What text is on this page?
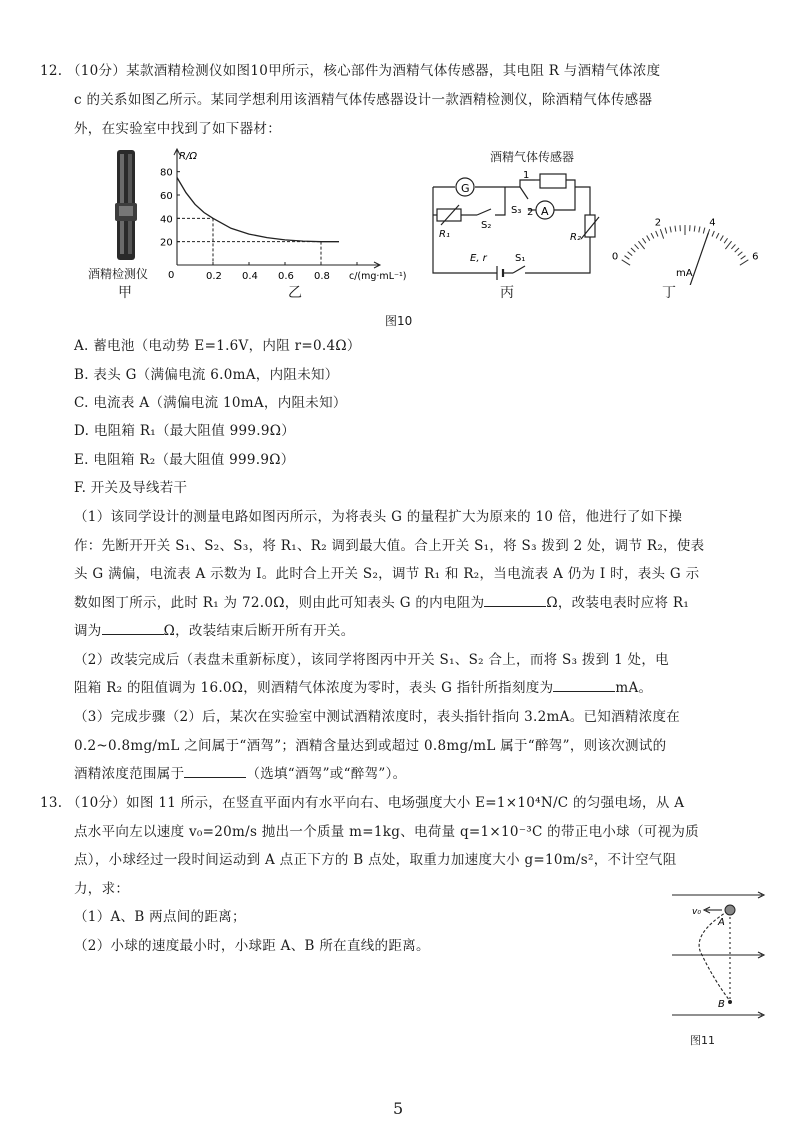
12. （10分）某款酒精检测仪如图10甲所示，核心部件为酒精气体传感器，其电阻 R 与酒精气体浓度
c 的关系如图乙所示。某同学想利用该酒精气体传感器设计一款酒精检测仪，除酒精气体传感器
外，在实验室中找到了如下器材：
酒精检测仪
甲
R/Ω
c/(mg·mL⁻¹)
0	0.2 0.4 0.6 0.8
20
40
60
80
乙
G
A
R₁	R₂
S₂
S₃
1
2
E, r	S₁
酒精气体传感器
丙
0
2	4
6
mA
丁
图10
A. 蓄电池（电动势 E=1.6V，内阻 r=0.4Ω）
B. 表头 G（满偏电流 6.0mA，内阻未知）
C. 电流表 A（满偏电流 10mA，内阻未知）
D. 电阻箱 R₁（最大阻值 999.9Ω）
E. 电阻箱 R₂（最大阻值 999.9Ω）
F. 开关及导线若干
（1）该同学设计的测量电路如图丙所示，为将表头 G 的量程扩大为原来的 10 倍，他进行了如下操
作：先断开开关 S₁、S₂、S₃，将 R₁、R₂ 调到最大值。合上开关 S₁，将 S₃ 拨到 2 处，调节 R₂，使表
头 G 满偏，电流表 A 示数为 I。此时合上开关 S₂，调节 R₁ 和 R₂，当电流表 A 仍为 I 时，表头 G 示
数如图丁所示，此时 R₁ 为 72.0Ω，则由此可知表头 G 的内电阻为	Ω，改装电表时应将 R₁
调为	Ω，改装结束后断开所有开关。
（2）改装完成后（表盘未重新标度），该同学将图丙中开关 S₁、S₂ 合上，而将 S₃ 拨到 1 处，电
阻箱 R₂ 的阻值调为 16.0Ω，则酒精气体浓度为零时，表头 G 指针所指刻度为	mA。
（3）完成步骤（2）后，某次在实验室中测试酒精浓度时，表头指针指向 3.2mA。已知酒精浓度在
0.2~0.8mg/mL 之间属于“酒驾”；酒精含量达到或超过 0.8mg/mL 属于“醉驾”，则该次测试的
酒精浓度范围属于	（选填“酒驾”或“醉驾”）。
13. （10分）如图 11 所示，在竖直平面内有水平向右、电场强度大小 E=1×10⁴N/C 的匀强电场，从 A
点水平向左以速度 v₀=20m/s 抛出一个质量 m=1kg、电荷量 q=1×10⁻³C 的带正电小球（可视为质
点），小球经过一段时间运动到 A 点正下方的 B 点处，取重力加速度大小 g=10m/s²，不计空气阻
力，求：
（1）A、B 两点间的距离；
（2）小球的速度最小时，小球距 A、B 所在直线的距离。
v₀
A
B
图11
5
